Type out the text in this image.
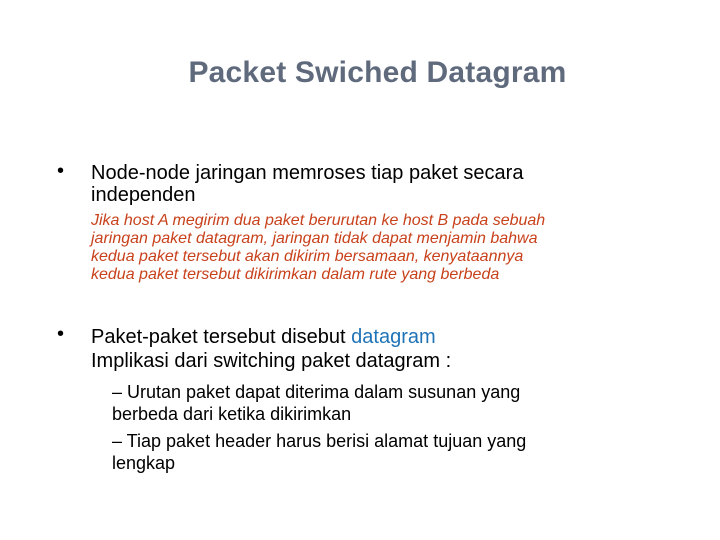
Packet Swiched Datagram
• Node-node jaringan memroses tiap paket secara
independen
Jika host A megirim dua paket berurutan ke host B pada sebuah
jaringan paket datagram, jaringan tidak dapat menjamin bahwa
kedua paket tersebut akan dikirim bersamaan, kenyataannya
kedua paket tersebut dikirimkan dalam rute yang berbeda
• Paket-paket tersebut disebut datagram
Implikasi dari switching paket datagram :
– Urutan paket dapat diterima dalam susunan yang
berbeda dari ketika dikirimkan
– Tiap paket header harus berisi alamat tujuan yang
lengkap
